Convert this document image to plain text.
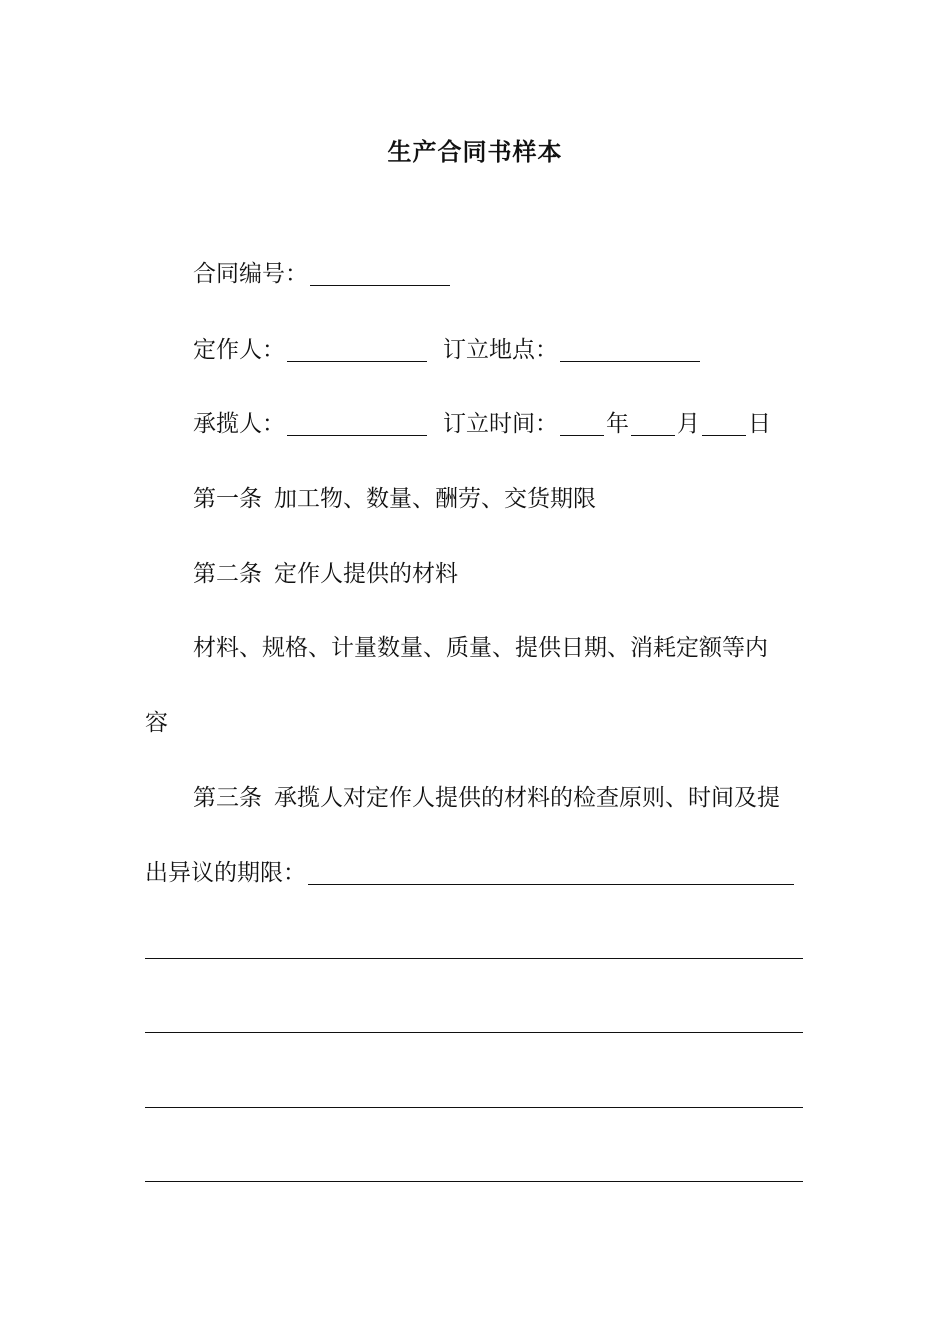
生产合同书样本
合同编号：
定作人：	订立地点：
承揽人：	订立时间： 年 月 日
第一条 加工物、数量、酬劳、交货期限
第二条 定作人提供的材料
材料、规格、计量数量、质量、提供日期、消耗定额等内
容
第三条 承揽人对定作人提供的材料的检查原则、时间及提
出异议的期限：
